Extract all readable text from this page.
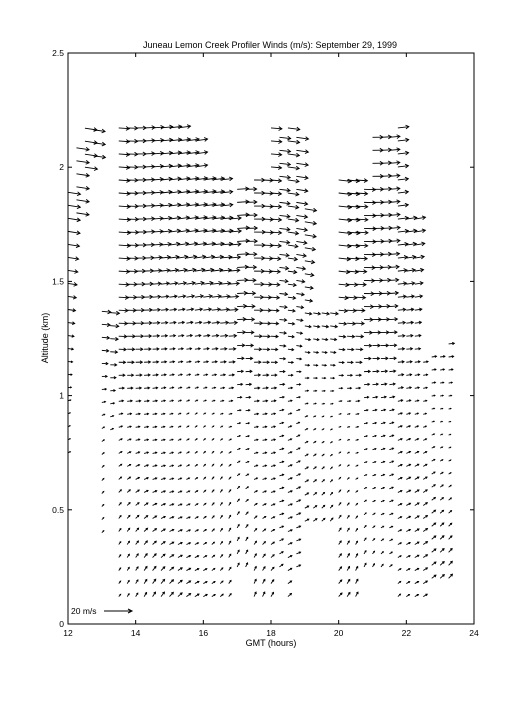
Juneau Lemon Creek Profiler Winds (m/s): September 29, 1999
12	14	16	18	20	22	24
0
0.5
1
1.5
2
2.5
GMT (hours)
Altitude (km)
20 m/s
